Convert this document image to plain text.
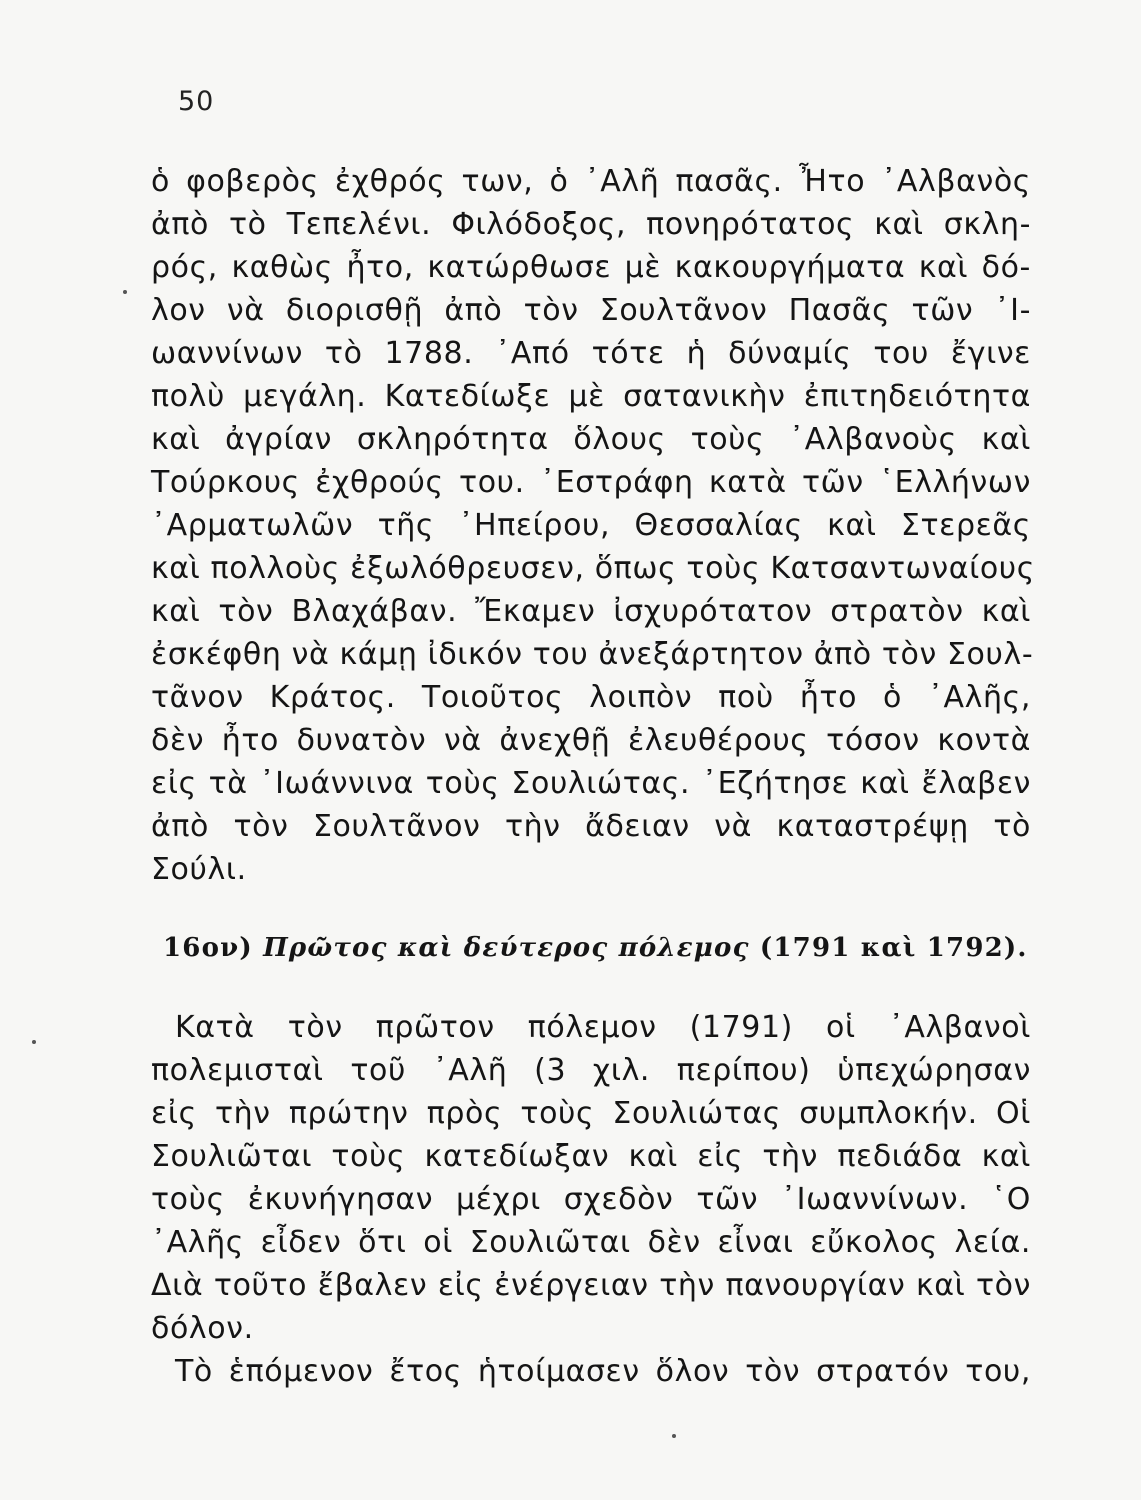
50
ὁ φοβερὸς ἐχθρός των, ὁ ᾿Αλῆ πασᾶς. Ἦτο ᾿Αλβανὸς
ἀπὸ τὸ Τεπελένι. Φιλόδοξος, πονηρότατος καὶ σκλη-
ρός, καθὼς ἦτο, κατώρθωσε μὲ κακουργήματα καὶ δό-
λον νὰ διορισθῇ ἀπὸ τὸν Σουλτᾶνον Πασᾶς τῶν ᾿Ι-
ωαννίνων τὸ 1788. ᾿Από τότε ἡ δύναμίς του ἔγινε
πολὺ μεγάλη. Κατεδίωξε μὲ σατανικὴν ἐπιτηδειότητα
καὶ ἀγρίαν σκληρότητα ὅλους τοὺς ᾿Αλβανοὺς καὶ
Τούρκους ἐχθρούς του. ᾿Εστράφη κατὰ τῶν ῾Ελλήνων
᾿Αρματωλῶν τῆς ᾿Ηπείρου, Θεσσαλίας καὶ Στερεᾶς
καὶ πολλοὺς ἐξωλόθρευσεν, ὅπως τοὺς Κατσαντωναίους
καὶ τὸν Βλαχάβαν. Ἔκαμεν ἰσχυρότατον στρατὸν καὶ
ἐσκέφθη νὰ κάμῃ ἰδικόν του ἀνεξάρτητον ἀπὸ τὸν Σουλ-
τᾶνον Κράτος. Τοιοῦτος λοιπὸν ποὺ ἦτο ὁ ᾿Αλῆς,
δὲν ἦτο δυνατὸν νὰ ἀνεχθῇ ἐλευθέρους τόσον κοντὰ
εἰς τὰ ᾿Ιωάννινα τοὺς Σουλιώτας. ᾿Εζήτησε καὶ ἔλαβεν
ἀπὸ τὸν Σουλτᾶνον τὴν ἄδειαν νὰ καταστρέψῃ τὸ
Σούλι.
16ον) Πρῶτος καὶ δεύτερος πόλεμος (1791 καὶ 1792).
Κατὰ τὸν πρῶτον πόλεμον (1791) οἱ ᾿Αλβανοὶ
πολεμισταὶ τοῦ ᾿Αλῆ (3 χιλ. περίπου) ὑπεχώρησαν
εἰς τὴν πρώτην πρὸς τοὺς Σουλιώτας συμπλοκήν. Οἱ
Σουλιῶται τοὺς κατεδίωξαν καὶ εἰς τὴν πεδιάδα καὶ
τοὺς ἐκυνήγησαν μέχρι σχεδὸν τῶν ᾿Ιωαννίνων. ῾Ο
᾿Αλῆς εἶδεν ὅτι οἱ Σουλιῶται δὲν εἶναι εὔκολος λεία.
Διὰ τοῦτο ἔβαλεν εἰς ἐνέργειαν τὴν πανουργίαν καὶ τὸν
δόλον.
Τὸ ἑπόμενον ἔτος ἡτοίμασεν ὅλον τὸν στρατόν του,
